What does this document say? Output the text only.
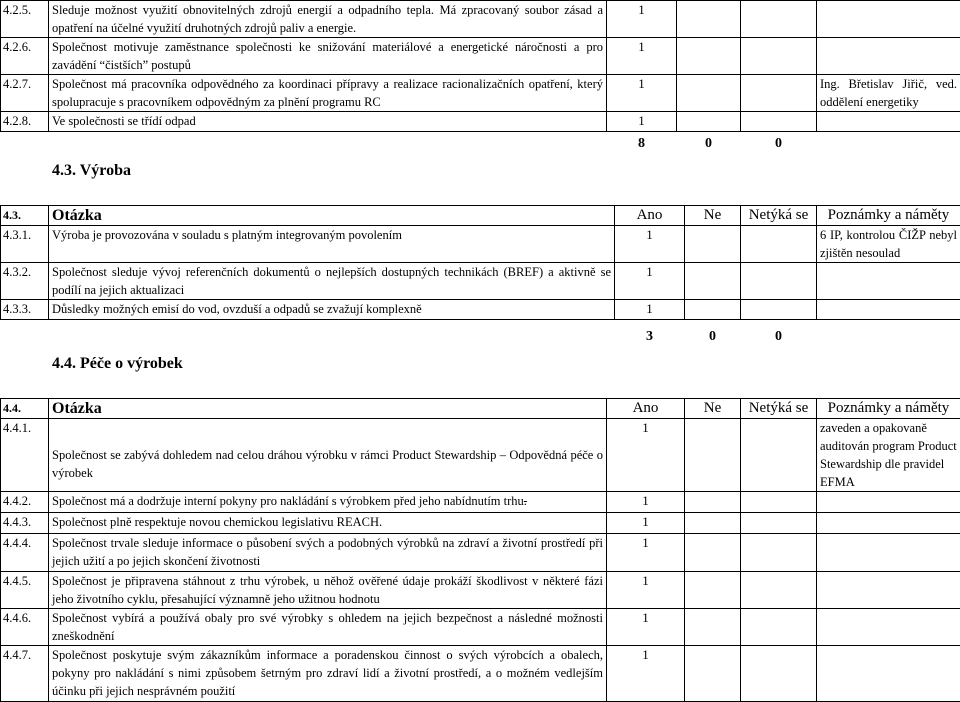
4.2.5.	Sleduje možnost využití obnovitelných zdrojů energií a odpadního tepla. Má zpracovaný soubor zásad a opatření na účelné využití druhotných zdrojů paliv a energie.	1			
4.2.6.	Společnost motivuje zaměstnance společnosti ke snižování materiálové a energetické náročnosti a pro zavádění “čistších” postupů	1			
4.2.7.	Společnost má pracovníka odpovědného za koordinaci přípravy a realizace racionalizačních opatření, který spolupracuje s pracovníkem odpovědným za plnění programu RC	1			Ing. Břetislav Jiřič, ved. oddělení energetiky
4.2.8.	Ve společnosti se třídí odpad	1			
		8	0	0	
4.3. Výroba
4.3.	Otázka	Ano	Ne	Netýká se	Poznámky a náměty
4.3.1.	Výroba je provozována v souladu s platným integrovaným povolením	1			6 IP, kontrolou ČIŽP nebyl zjištěn nesoulad
4.3.2.	Společnost sleduje vývoj referenčních dokumentů o nejlepších dostupných technikách (BREF) a aktivně se podílí na jejich aktualizaci	1			
4.3.3.	Důsledky možných emisí do vod, ovzduší a odpadů se zvažují komplexně	1			
		3	0	0	
4.4. Péče o výrobek
4.4.	Otázka	Ano	Ne	Netýká se	Poznámky a náměty
4.4.1.	Společnost se zabývá dohledem nad celou dráhou výrobku v rámci Product Stewardship – Odpovědná péče o výrobek	1			zaveden a opakovaně auditován program Product Stewardship dle pravidel EFMA
4.4.2.	Společnost má a dodržuje interní pokyny pro nakládání s výrobkem před jeho nabídnutím trhu.	1			
4.4.3.	Společnost plně respektuje novou chemickou legislativu REACH.	1			
4.4.4.	Společnost trvale sleduje informace o působení svých a podobných výrobků na zdraví a životní prostředí při jejich užití a po jejich skončení životnosti	1			
4.4.5.	Společnost je připravena stáhnout z trhu výrobek, u něhož ověřené údaje prokáží škodlivost v některé fázi jeho životního cyklu, přesahující významně jeho užitnou hodnotu	1			
4.4.6.	Společnost vybírá a používá obaly pro své výrobky s ohledem na jejich bezpečnost a následné možnosti zneškodnění	1			
4.4.7.	Společnost poskytuje svým zákazníkům informace a poradenskou činnost o svých výrobcích a obalech, pokyny pro nakládání s nimi způsobem šetrným pro zdraví lidí a životní prostředí, a o možném vedlejším účinku při jejich nesprávném použití	1			
